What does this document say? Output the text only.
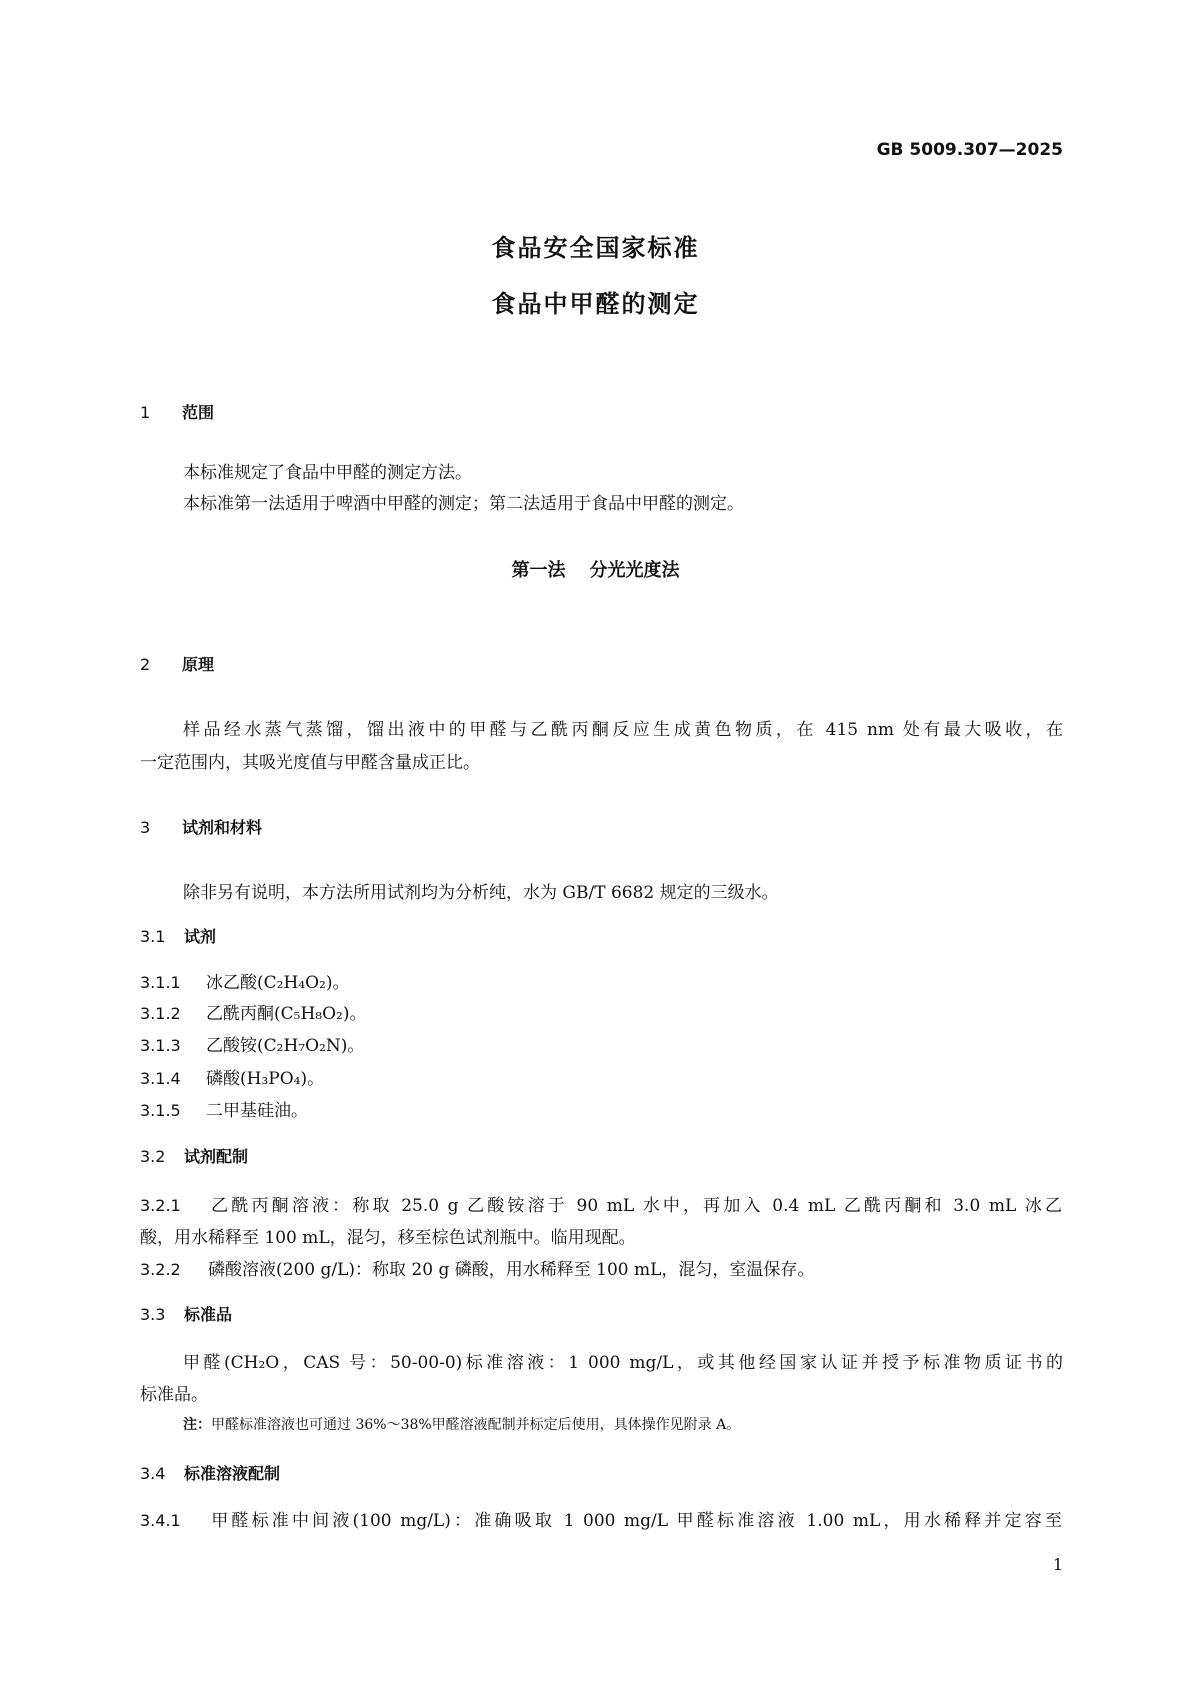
GB 5009.307—2025
食品安全国家标准
食品中甲醛的测定
1 范围
本标准规定了食品中甲醛的测定方法。
本标准第一法适用于啤酒中甲醛的测定；第二法适用于食品中甲醛的测定。
第一法 分光光度法
2 原理
样品经水蒸气蒸馏，馏出液中的甲醛与乙酰丙酮反应生成黄色物质，在 415 nm 处有最大吸收，在
一定范围内，其吸光度值与甲醛含量成正比。
3 试剂和材料
除非另有说明，本方法所用试剂均为分析纯，水为 GB/T 6682 规定的三级水。
3.1 试剂
3.1.1 冰乙酸(C₂H₄O₂)。
3.1.2 乙酰丙酮(C₅H₈O₂)。
3.1.3 乙酸铵(C₂H₇O₂N)。
3.1.4 磷酸(H₃PO₄)。
3.1.5 二甲基硅油。
3.2 试剂配制
3.2.1 乙酰丙酮溶液：称取 25.0 g 乙酸铵溶于 90 mL 水中，再加入 0.4 mL 乙酰丙酮和 3.0 mL 冰乙
酸，用水稀释至 100 mL，混匀，移至棕色试剂瓶中。临用现配。
3.2.2 磷酸溶液(200 g/L)：称取 20 g 磷酸，用水稀释至 100 mL，混匀，室温保存。
3.3 标准品
甲醛(CH₂O，CAS 号：50-00-0)标准溶液：1 000 mg/L，或其他经国家认证并授予标准物质证书的
标准品。
注：甲醛标准溶液也可通过 36%～38%甲醛溶液配制并标定后使用，具体操作见附录 A。
3.4 标准溶液配制
3.4.1 甲醛标准中间液(100 mg/L)：准确吸取 1 000 mg/L 甲醛标准溶液 1.00 mL，用水稀释并定容至
1
